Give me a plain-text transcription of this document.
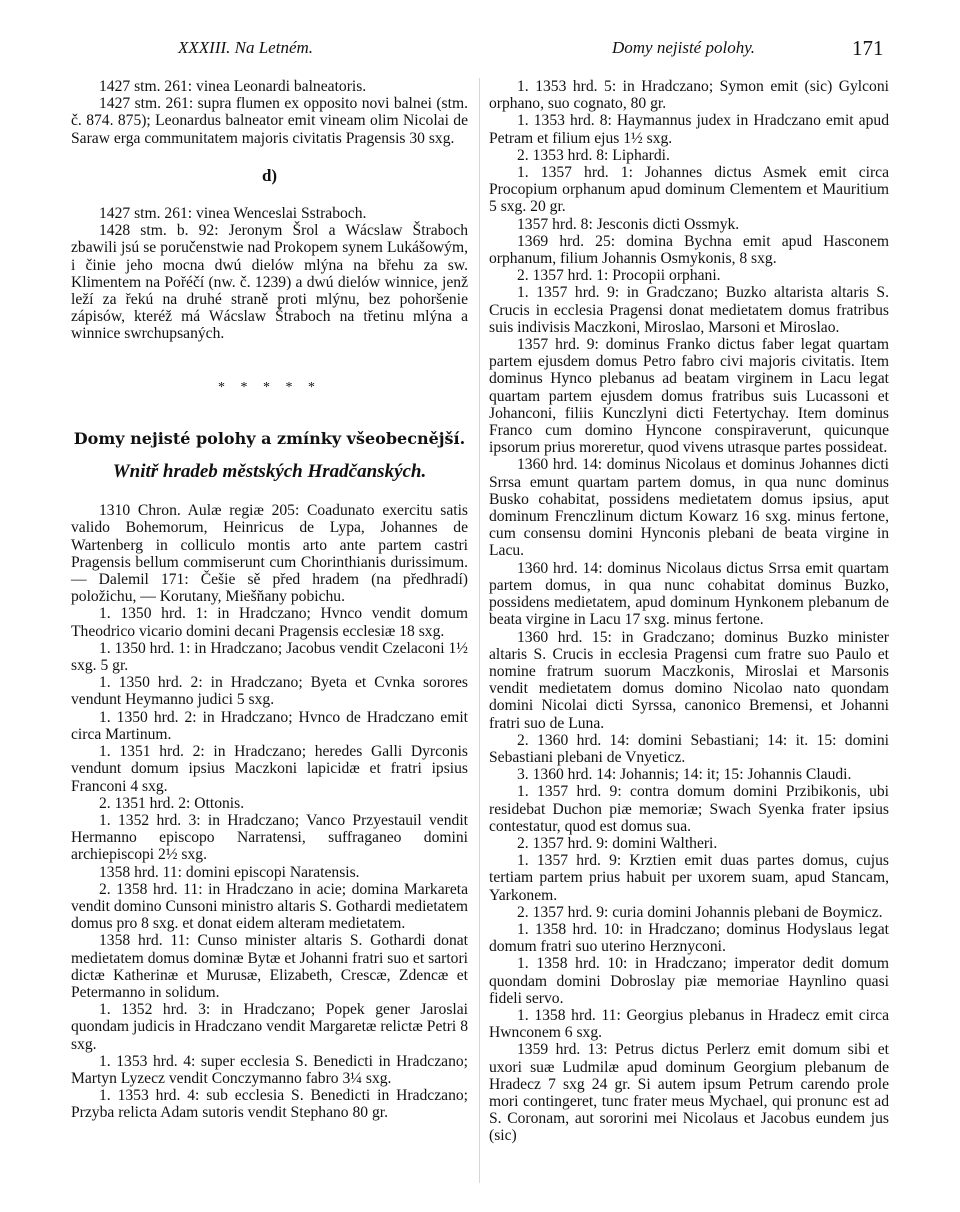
XXXIII. Na Letném.	Domy nejisté polohy.	171

1427 stm. 261: vinea Leonardi balneatoris.

1427 stm. 261: supra flumen ex opposito novi balnei (stm. č. 874. 875); Leonardus balneator emit vineam olim Nicolai de Saraw erga communitatem majoris civitatis Pragensis 30 sxg.

d)

1427 stm. 261: vinea Wenceslai Sstraboch.

1428 stm. b. 92: Jeronym Šrol a Wácslaw Štraboch zbawili jsú se poručenstwie nad Prokopem synem Lukášowým, i činie jeho mocna dwú dielów mlýna na břehu za sw. Klimentem na Pořéčí (nw. č. 1239) a dwú dielów winnice, jenž leží za řekú na druhé straně proti mlýnu, bez pohoršenie zápisów, kteréž má Wácslaw Štraboch na třetinu mlýna a winnice swrchupsaných.

* * * * *

Domy nejisté polohy a zmínky všeobecnější.

Wnitř hradeb městských Hradčanských.

1310 Chron. Aulæ regiæ 205: Coadunato exercitu satis valido Bohemorum, Heinricus de Lypa, Johannes de Wartenberg in colliculo montis arto ante partem castri Pragensis bellum commiserunt cum Chorinthianis durissimum. — Dalemil 171: Češie sě před hradem (na předhradí) položichu, — Korutany, Miešňany pobichu.

1. 1350 hrd. 1: in Hradczano; Hvnco vendit domum Theodrico vicario domini decani Pragensis ecclesiæ 18 sxg.

1. 1350 hrd. 1: in Hradczano; Jacobus vendit Czelaconi 1½ sxg. 5 gr.

1. 1350 hrd. 2: in Hradczano; Byeta et Cvnka sorores vendunt Heymanno judici 5 sxg.

1. 1350 hrd. 2: in Hradczano; Hvnco de Hradczano emit circa Martinum.

1. 1351 hrd. 2: in Hradczano; heredes Galli Dyrconis vendunt domum ipsius Maczkoni lapicidæ et fratri ipsius Franconi 4 sxg.

2. 1351 hrd. 2: Ottonis.

1. 1352 hrd. 3: in Hradczano; Vanco Przyestauil vendit Hermanno episcopo Narratensi, suffraganeo domini archiepiscopi 2½ sxg.

1358 hrd. 11: domini episcopi Naratensis.

2. 1358 hrd. 11: in Hradczano in acie; domina Markareta vendit domino Cunsoni ministro altaris S. Gothardi medietatem domus pro 8 sxg. et donat eidem alteram medietatem.

1358 hrd. 11: Cunso minister altaris S. Gothardi donat medietatem domus dominæ Bytæ et Johanni fratri suo et sartori dictæ Katherinæ et Murusæ, Elizabeth, Crescæ, Zdencæ et Petermanno in solidum.

1. 1352 hrd. 3: in Hradczano; Popek gener Jaroslai quondam judicis in Hradczano vendit Margaretæ relictæ Petri 8 sxg.

1. 1353 hrd. 4: super ecclesia S. Benedicti in Hradczano; Martyn Lyzecz vendit Conczymanno fabro 3¼ sxg.

1. 1353 hrd. 4: sub ecclesia S. Benedicti in Hradczano; Przyba relicta Adam sutoris vendit Stephano 80 gr.

1. 1353 hrd. 5: in Hradczano; Symon emit (sic) Gylconi orphano, suo cognato, 80 gr.

1. 1353 hrd. 8: Haymannus judex in Hradczano emit apud Petram et filium ejus 1½ sxg.

2. 1353 hrd. 8: Liphardi.

1. 1357 hrd. 1: Johannes dictus Asmek emit circa Procopium orphanum apud dominum Clementem et Mauritium 5 sxg. 20 gr.

1357 hrd. 8: Jesconis dicti Ossmyk.

1369 hrd. 25: domina Bychna emit apud Hasconem orphanum, filium Johannis Osmykonis, 8 sxg.

2. 1357 hrd. 1: Procopii orphani.

1. 1357 hrd. 9: in Gradczano; Buzko altarista altaris S. Crucis in ecclesia Pragensi donat medietatem domus fratribus suis indivisis Maczkoni, Miroslao, Marsoni et Miroslao.

1357 hrd. 9: dominus Franko dictus faber legat quartam partem ejusdem domus Petro fabro civi majoris civitatis. Item dominus Hynco plebanus ad beatam virginem in Lacu legat quartam partem ejusdem domus fratribus suis Lucassoni et Johanconi, filiis Kunczlyni dicti Fetertychay. Item dominus Franco cum domino Hyncone conspiraverunt, quicunque ipsorum prius moreretur, quod vivens utrasque partes possideat.

1360 hrd. 14: dominus Nicolaus et dominus Johannes dicti Srrsa emunt quartam partem domus, in qua nunc dominus Busko cohabitat, possidens medietatem domus ipsius, aput dominum Frenczlinum dictum Kowarz 16 sxg. minus fertone, cum consensu domini Hynconis plebani de beata virgine in Lacu.

1360 hrd. 14: dominus Nicolaus dictus Srrsa emit quartam partem domus, in qua nunc cohabitat dominus Buzko, possidens medietatem, apud dominum Hynkonem plebanum de beata virgine in Lacu 17 sxg. minus fertone.

1360 hrd. 15: in Gradczano; dominus Buzko minister altaris S. Crucis in ecclesia Pragensi cum fratre suo Paulo et nomine fratrum suorum Maczkonis, Miroslai et Marsonis vendit medietatem domus domino Nicolao nato quondam domini Nicolai dicti Syrssa, canonico Bremensi, et Johanni fratri suo de Luna.

2. 1360 hrd. 14: domini Sebastiani; 14: it. 15: domini Sebastiani plebani de Vnyeticz.

3. 1360 hrd. 14: Johannis; 14: it; 15: Johannis Claudi.

1. 1357 hrd. 9: contra domum domini Przibikonis, ubi residebat Duchon piæ memoriæ; Swach Syenka frater ipsius contestatur, quod est domus sua.

2. 1357 hrd. 9: domini Waltheri.

1. 1357 hrd. 9: Krztien emit duas partes domus, cujus tertiam partem prius habuit per uxorem suam, apud Stancam, Yarkonem.

2. 1357 hrd. 9: curia domini Johannis plebani de Boymicz.

1. 1358 hrd. 10: in Hradczano; dominus Hodyslaus legat domum fratri suo uterino Herznyconi.

1. 1358 hrd. 10: in Hradczano; imperator dedit domum quondam domini Dobroslay piæ memoriae Haynlino quasi fideli servo.

1. 1358 hrd. 11: Georgius plebanus in Hradecz emit circa Hwnconem 6 sxg.

1359 hrd. 13: Petrus dictus Perlerz emit domum sibi et uxori suæ Ludmilæ apud dominum Georgium plebanum de Hradecz 7 sxg 24 gr. Si autem ipsum Petrum carendo prole mori contingeret, tunc frater meus Mychael, qui pronunc est ad S. Coronam, aut sororini mei Nicolaus et Jacobus eundem jus (sic)
